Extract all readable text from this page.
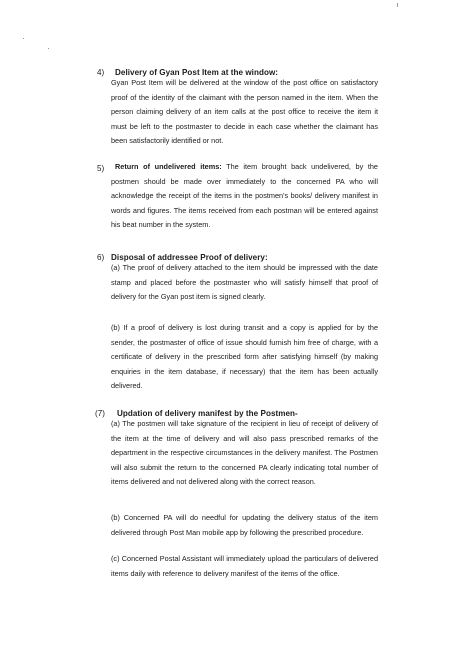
4) Delivery of Gyan Post Item at the window:

Gyan Post Item will be delivered at the window of the post office on satisfactory proof of the identity of the claimant with the person named in the item. When the person claiming delivery of an item calls at the post office to receive the item it must be left to the postmaster to decide in each case whether the claimant has been satisfactorily identified or not.

5)	Return of undelivered items: The item brought back undelivered, by the postmen should be made over immediately to the concerned PA who will acknowledge the receipt of the items in the postmen's books/ delivery manifest in words and figures. The items received from each postman will be entered against his beat number in the system.

6) Disposal of addressee Proof of delivery:

(a) The proof of delivery attached to the item should be impressed with the date stamp and placed before the postmaster who will satisfy himself that proof of delivery for the Gyan post item is signed clearly.

(b) If a proof of delivery is lost during transit and a copy is applied for by the sender, the postmaster of office of issue should furnish him free of charge, with a certificate of delivery in the prescribed form after satisfying himself (by making enquiries in the item database, if necessary) that the item has been actually delivered.

(7) Updation of delivery manifest by the Postmen-

(a) The postmen will take signature of the recipient in lieu of receipt of delivery of the item at the time of delivery and will also pass prescribed remarks of the department in the respective circumstances in the delivery manifest. The Postmen will also submit the return to the concerned PA clearly indicating total number of items delivered and not delivered along with the correct reason.

(b) Concerned PA will do needful for updating the delivery status of the item delivered through Post Man mobile app by following the prescribed procedure.

(c) Concerned Postal Assistant will immediately upload the particulars of delivered items daily with reference to delivery manifest of the items of the office.
